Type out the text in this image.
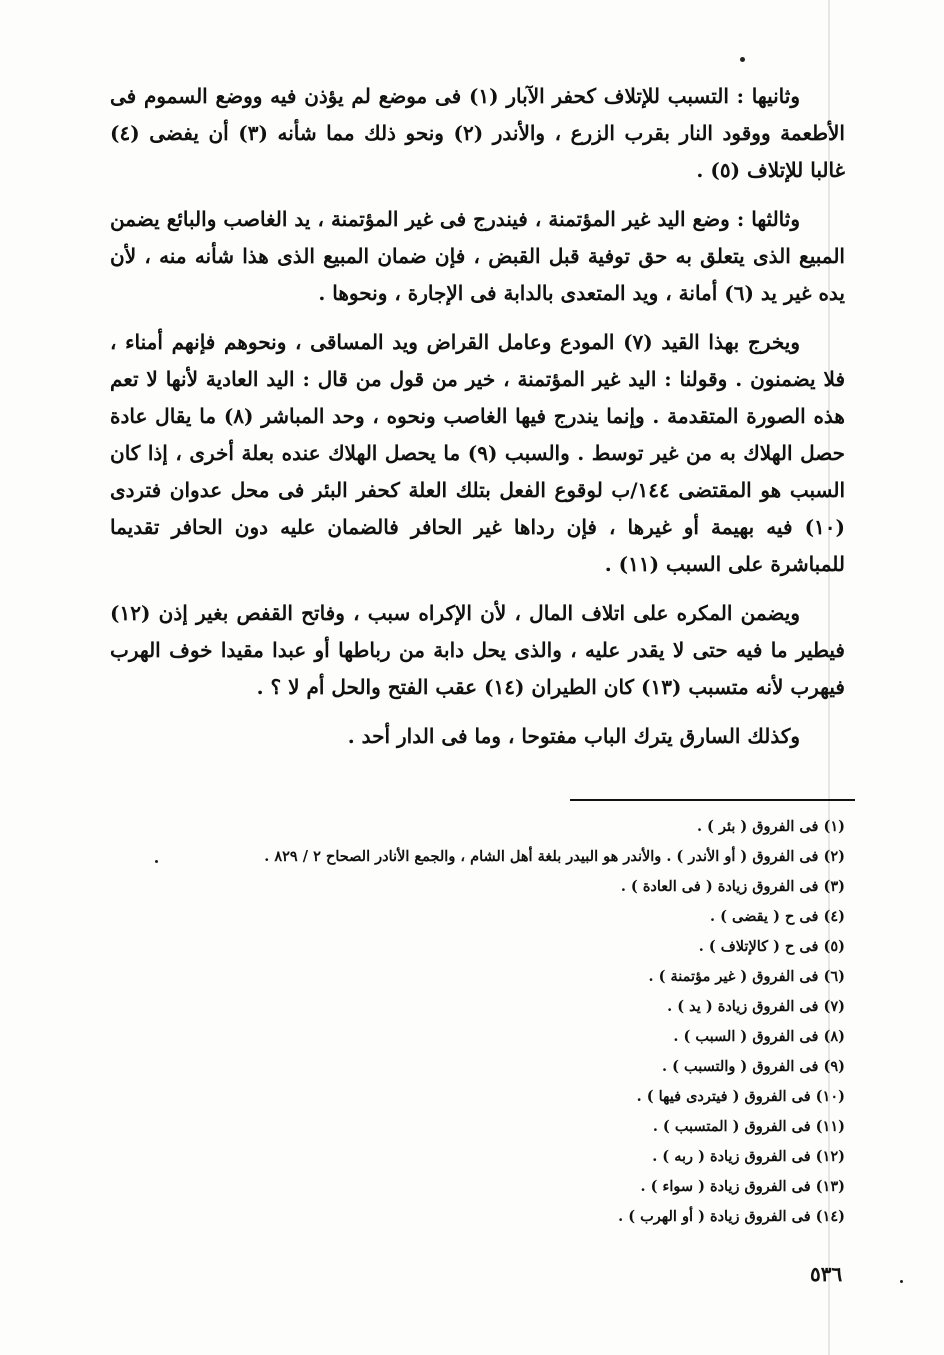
وثانيها : التسبب للإتلاف كحفر الآبار (١) فى موضع لم يؤذن فيه ووضع السموم فى الأطعمة ووقود النار بقرب الزرع ، والأندر (٢) ونحو ذلك مما شأنه (٣) أن يفضى (٤) غالبا للإتلاف (٥) .

وثالثها : وضع اليد غير المؤتمنة ، فيندرج فى غير المؤتمنة ، يد الغاصب والبائع يضمن المبيع الذى يتعلق به حق توفية قبل القبض ، فإن ضمان المبيع الذى هذا شأنه منه ، لأن يده غير يد (٦) أمانة ، ويد المتعدى بالدابة فى الإجارة ، ونحوها .

ويخرج بهذا القيد (٧) المودع وعامل القراض ويد المساقى ، ونحوهم فإنهم أمناء ، فلا يضمنون . وقولنا : اليد غير المؤتمنة ، خير من قول من قال : اليد العادية لأنها لا تعم هذه الصورة المتقدمة . وإنما يندرج فيها الغاصب ونحوه ، وحد المباشر (٨) ما يقال عادة حصل الهلاك به من غير توسط . والسبب (٩) ما يحصل الهلاك عنده بعلة أخرى ، إذا كان السبب هو المقتضى ١٤٤/ب لوقوع الفعل بتلك العلة كحفر البئر فى محل عدوان فتردى (١٠) فيه بهيمة أو غيرها ، فإن رداها غير الحافر فالضمان عليه دون الحافر تقديما للمباشرة على السبب (١١) .

ويضمن المكره على اتلاف المال ، لأن الإكراه سبب ، وفاتح القفص بغير إذن (١٢) فيطير ما فيه حتى لا يقدر عليه ، والذى يحل دابة من رباطها أو عبدا مقيدا خوف الهرب فيهرب لأنه متسبب (١٣) كان الطيران (١٤) عقب الفتح والحل أم لا ؟ .

وكذلك السارق يترك الباب مفتوحا ، وما فى الدار أحد .

(١) فى الفروق ( بئر ) .
(٢) فى الفروق ( أو الأندر ) . والأندر هو البيدر بلغة أهل الشام ، والجمع الأنادر الصحاح ٢ / ٨٢٩ .
(٣) فى الفروق زيادة ( فى العادة ) .
(٤) فى ح ( يقضى ) .
(٥) فى ح ( كالإتلاف ) .
(٦) فى الفروق ( غير مؤتمنة ) .
(٧) فى الفروق زيادة ( يد ) .
(٨) فى الفروق ( السبب ) .
(٩) فى الفروق ( والتسبب ) .
(١٠) فى الفروق ( فيتردى فيها ) .
(١١) فى الفروق ( المتسبب ) .
(١٢) فى الفروق زيادة ( ربه ) .
(١٣) فى الفروق زيادة ( سواء ) .
(١٤) فى الفروق زيادة ( أو الهرب ) .
٥٣٦
